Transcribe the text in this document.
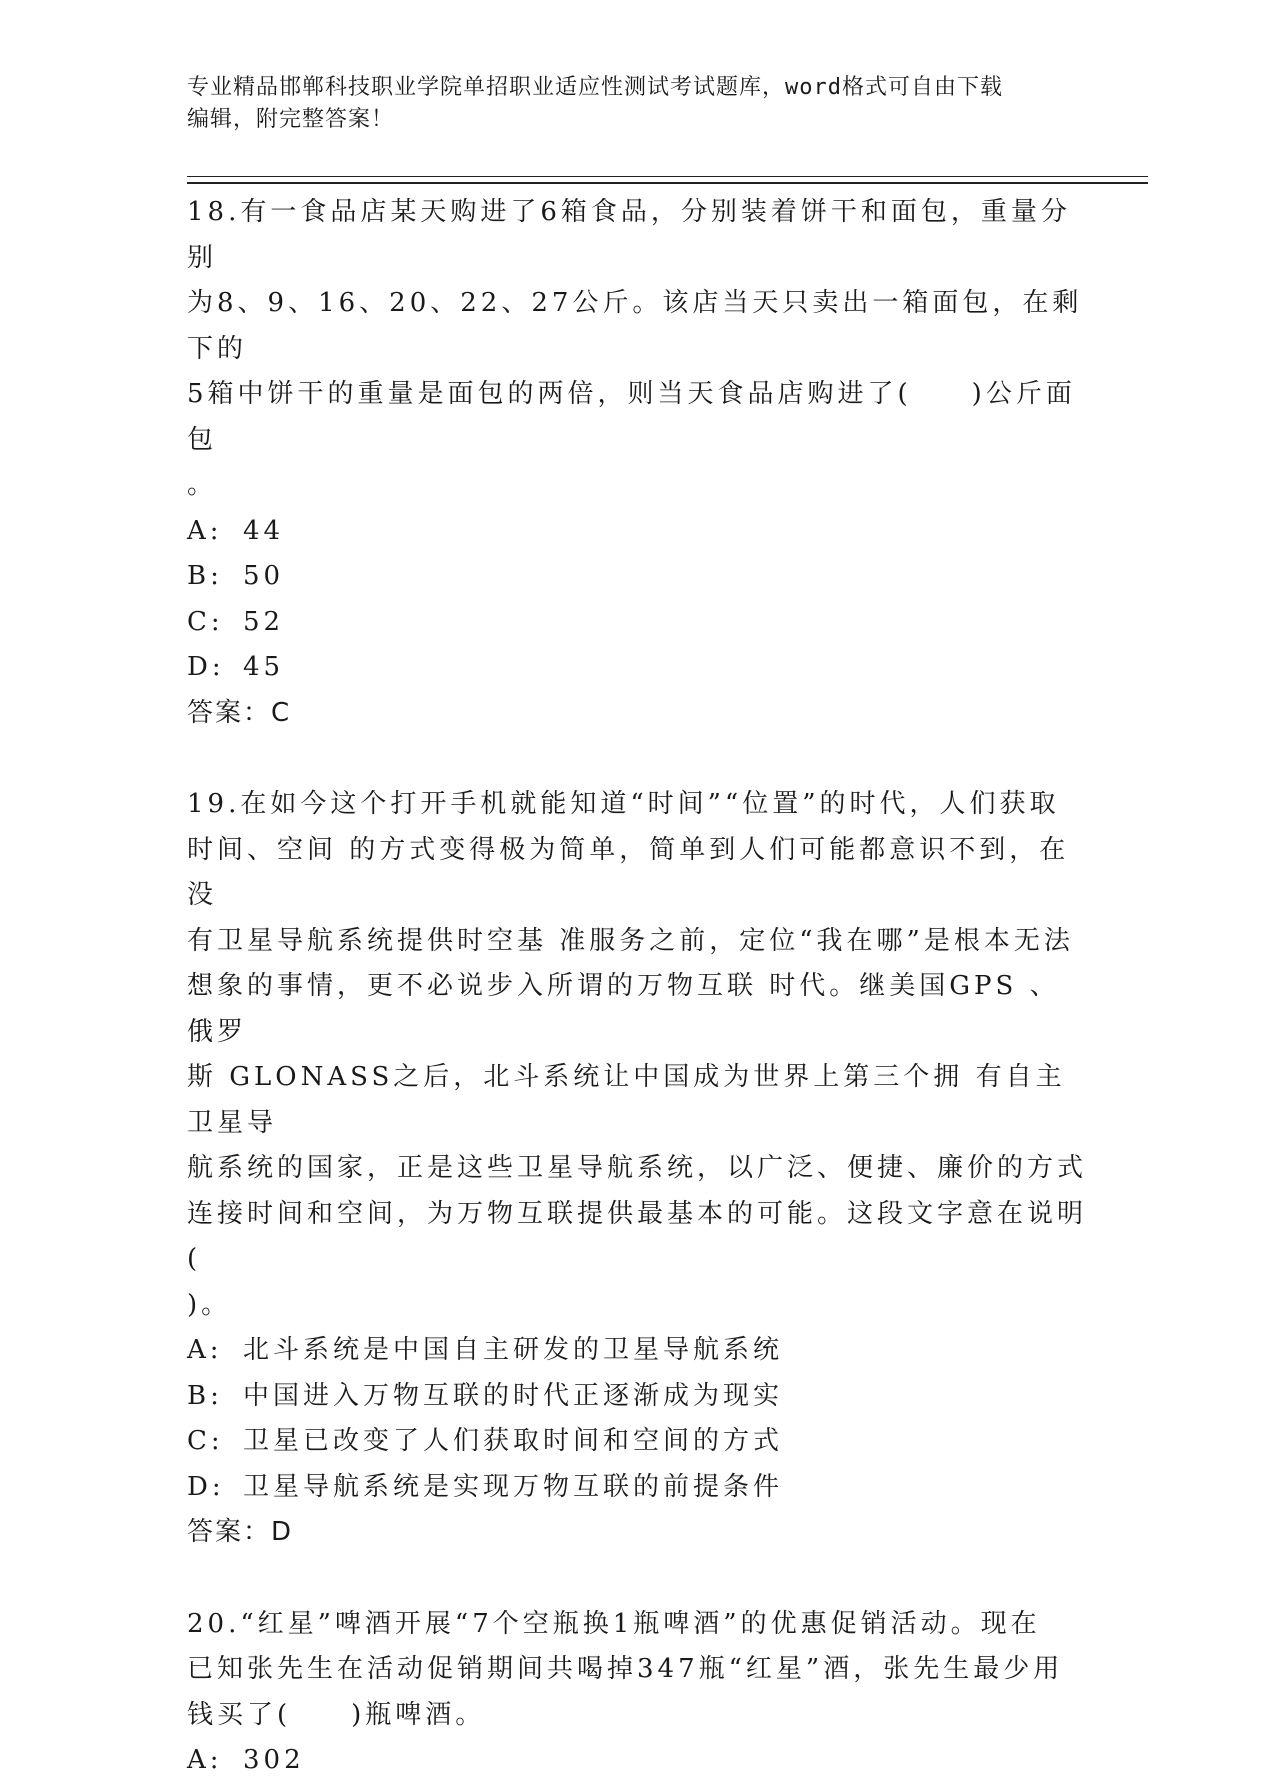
专业精品邯郸科技职业学院单招职业适应性测试考试题库，word格式可自由下载
编辑，附完整答案！
18.有一食品店某天购进了6箱食品，分别装着饼干和面包，重量分别
为8、9、16、20、22、27公斤。该店当天只卖出一箱面包，在剩下的
5箱中饼干的重量是面包的两倍，则当天食品店购进了(　　)公斤面包
。
A: 44
B: 50
C: 52
D: 45
答案：C
19.在如今这个打开手机就能知道“时间”“位置”的时代，人们获取
时间、空间 的方式变得极为简单，简单到人们可能都意识不到，在没
有卫星导航系统提供时空基 准服务之前，定位“我在哪”是根本无法
想象的事情，更不必说步入所谓的万物互联 时代。继美国GPS 、俄罗
斯 GLONASS之后，北斗系统让中国成为世界上第三个拥 有自主卫星导
航系统的国家，正是这些卫星导航系统，以广泛、便捷、廉价的方式
连接时间和空间，为万物互联提供最基本的可能。这段文字意在说明(
)。
A: 北斗系统是中国自主研发的卫星导航系统
B: 中国进入万物互联的时代正逐渐成为现实
C: 卫星已改变了人们获取时间和空间的方式
D: 卫星导航系统是实现万物互联的前提条件
答案：D
20.“红星”啤酒开展“7个空瓶换1瓶啤酒”的优惠促销活动。现在
已知张先生在活动促销期间共喝掉347瓶“红星”酒，张先生最少用
钱买了(　　)瓶啤酒。
A: 302
